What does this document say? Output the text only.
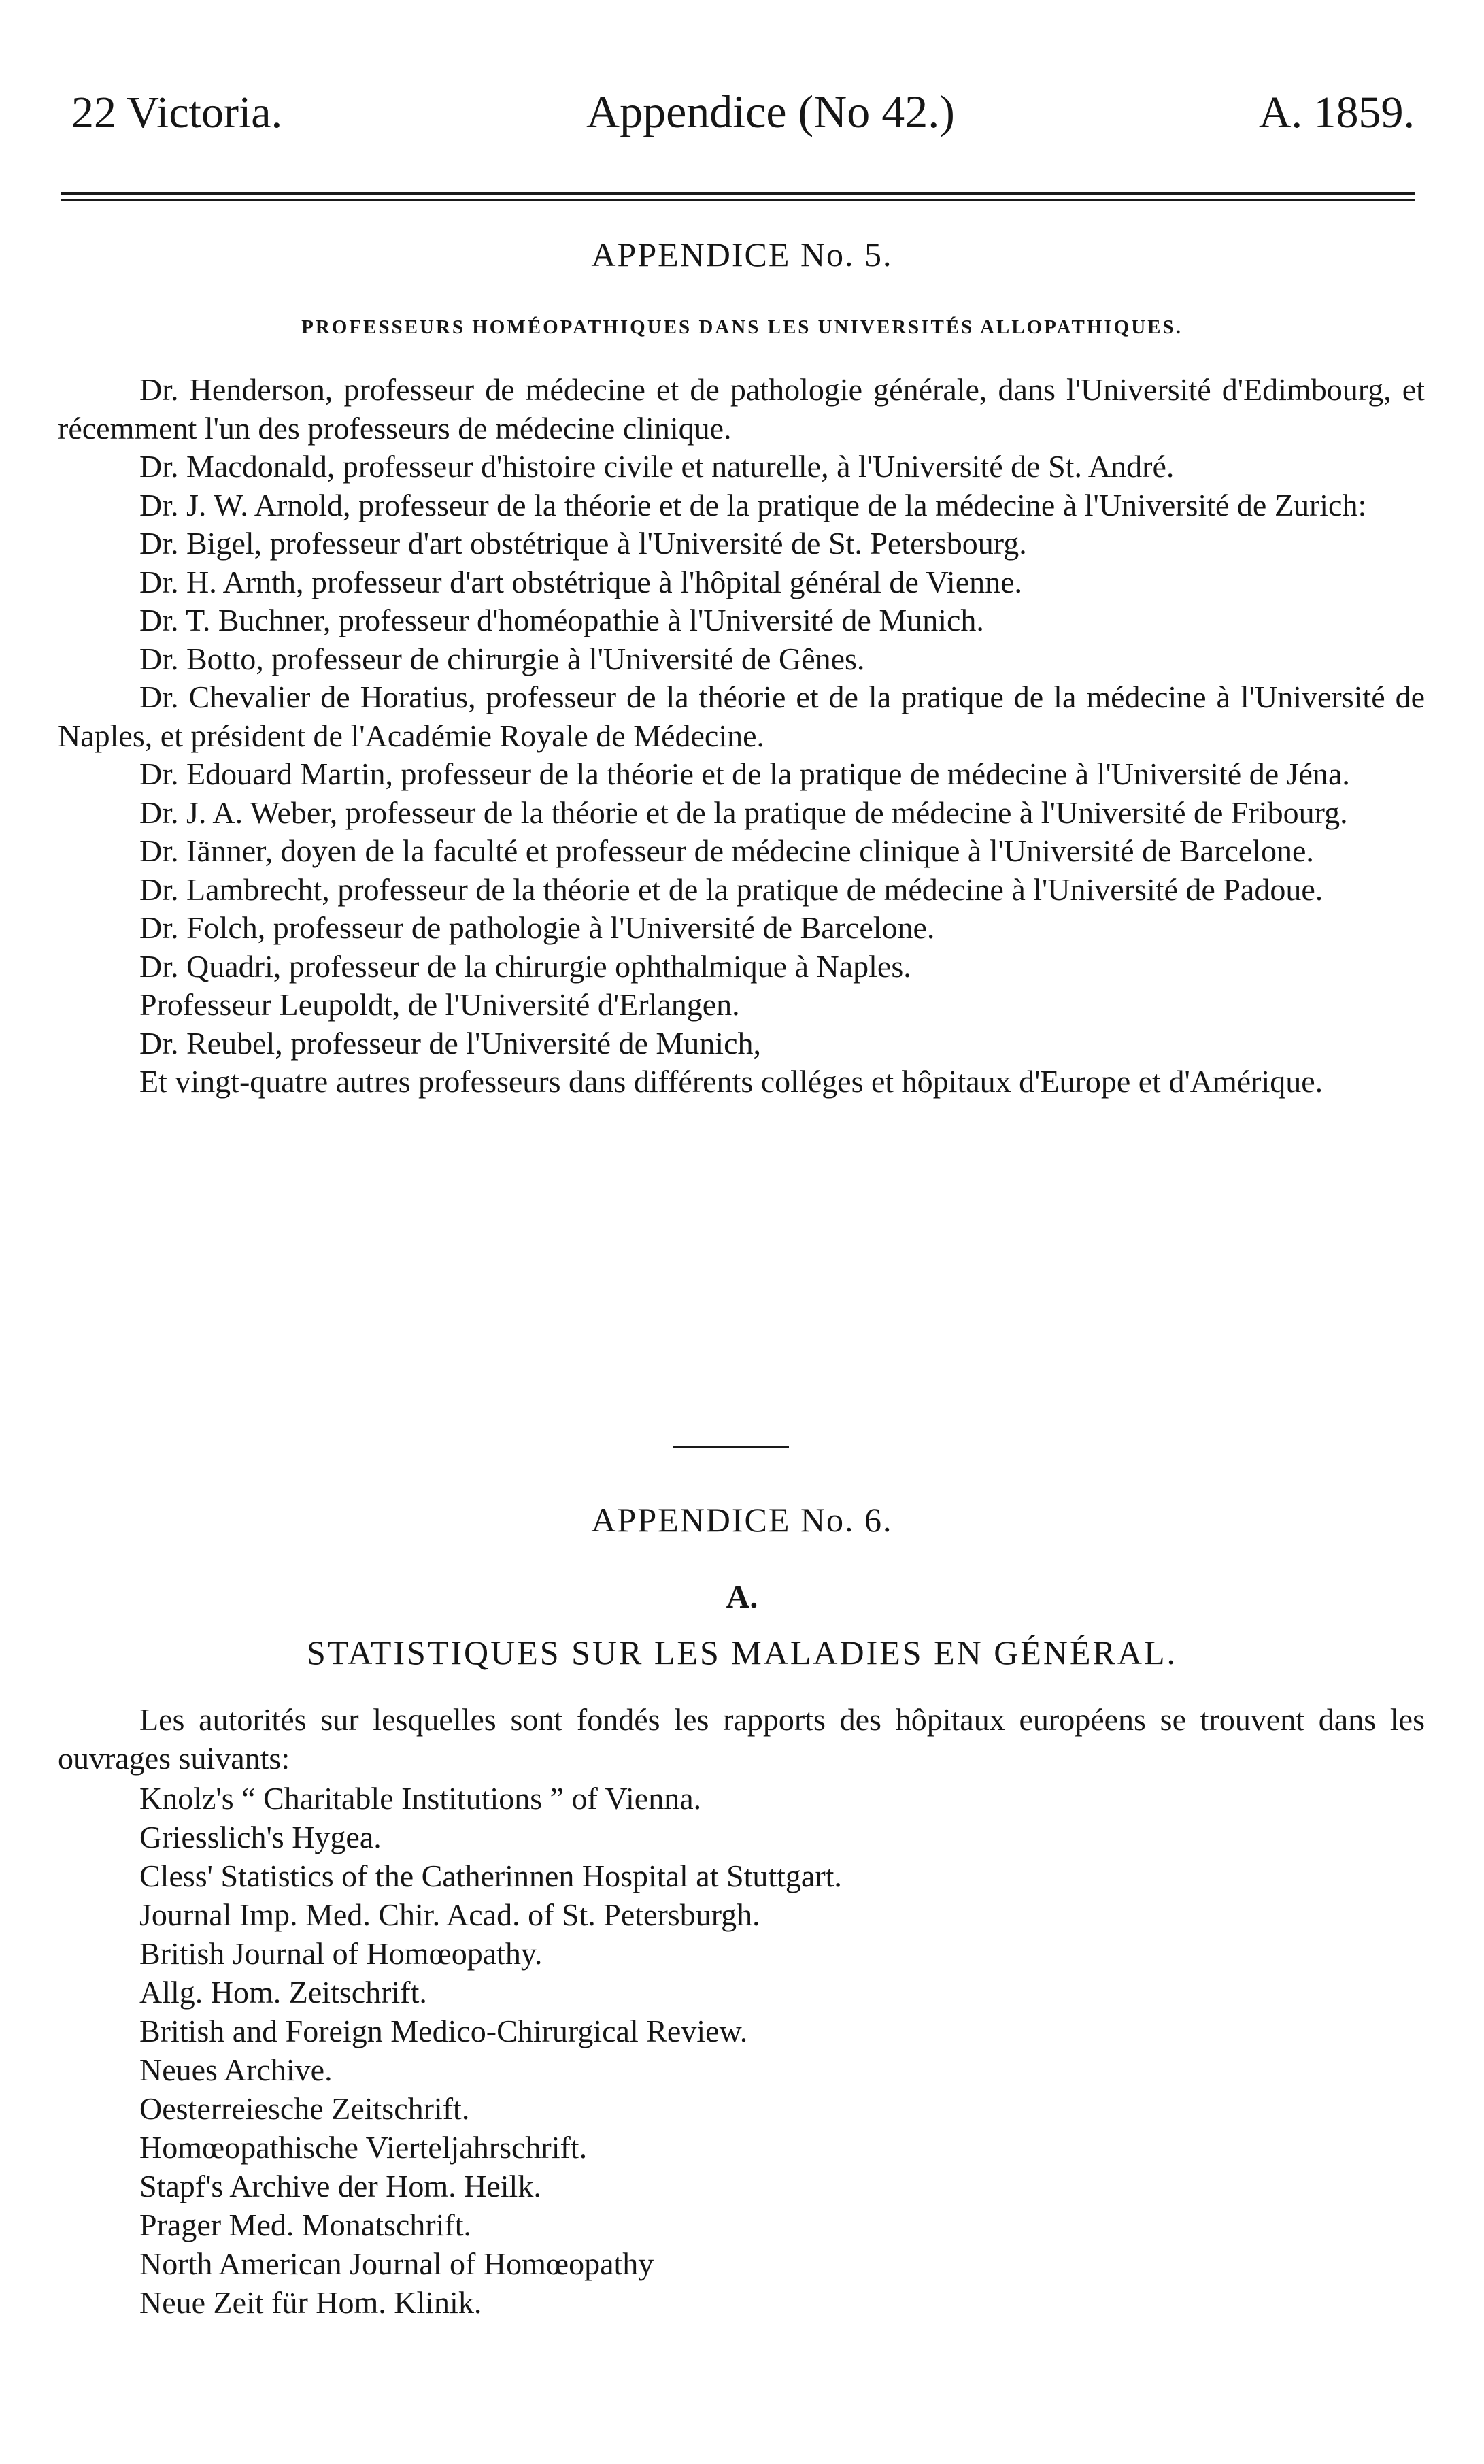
22 Victoria.	Appendice (No 42.)	A. 1859.
APPENDICE No. 5.
PROFESSEURS HOMÉOPATHIQUES DANS LES UNIVERSITÉS ALLOPATHIQUES.

Dr. Henderson, professeur de médecine et de pathologie générale, dans l'Université d'Edimbourg, et récemment l'un des professeurs de médecine clinique.

Dr. Macdonald, professeur d'histoire civile et naturelle, à l'Université de St. André.

Dr. J. W. Arnold, professeur de la théorie et de la pratique de la médecine à l'Université de Zurich:

Dr. Bigel, professeur d'art obstétrique à l'Université de St. Petersbourg.

Dr. H. Arnth, professeur d'art obstétrique à l'hôpital général de Vienne.

Dr. T. Buchner, professeur d'homéopathie à l'Université de Munich.

Dr. Botto, professeur de chirurgie à l'Université de Gênes.

Dr. Chevalier de Horatius, professeur de la théorie et de la pratique de la médecine à l'Université de Naples, et président de l'Académie Royale de Médecine.

Dr. Edouard Martin, professeur de la théorie et de la pratique de médecine à l'Université de Jéna.

Dr. J. A. Weber, professeur de la théorie et de la pratique de médecine à l'Université de Fribourg.

Dr. Iänner, doyen de la faculté et professeur de médecine clinique à l'Université de Barcelone.

Dr. Lambrecht, professeur de la théorie et de la pratique de médecine à l'Université de Padoue.

Dr. Folch, professeur de pathologie à l'Université de Barcelone.

Dr. Quadri, professeur de la chirurgie ophthalmique à Naples.

Professeur Leupoldt, de l'Université d'Erlangen.

Dr. Reubel, professeur de l'Université de Munich,

Et vingt-quatre autres professeurs dans différents colléges et hôpitaux d'Europe et d'Amérique.

APPENDICE No. 6.
A.
STATISTIQUES SUR LES MALADIES EN GÉNÉRAL.

Les autorités sur lesquelles sont fondés les rapports des hôpitaux européens se trouvent dans les ouvrages suivants:

Knolz's “ Charitable Institutions ” of Vienna.
Griesslich's Hygea.
Cless' Statistics of the Catherinnen Hospital at Stuttgart.
Journal Imp. Med. Chir. Acad. of St. Petersburgh.
British Journal of Homœopathy.
Allg. Hom. Zeitschrift.
British and Foreign Medico-Chirurgical Review.
Neues Archive.
Oesterreiesche Zeitschrift.
Homœopathische Vierteljahrschrift.
Stapf's Archive der Hom. Heilk.
Prager Med. Monatschrift.
North American Journal of Homœopathy
Neue Zeit für Hom. Klinik.
